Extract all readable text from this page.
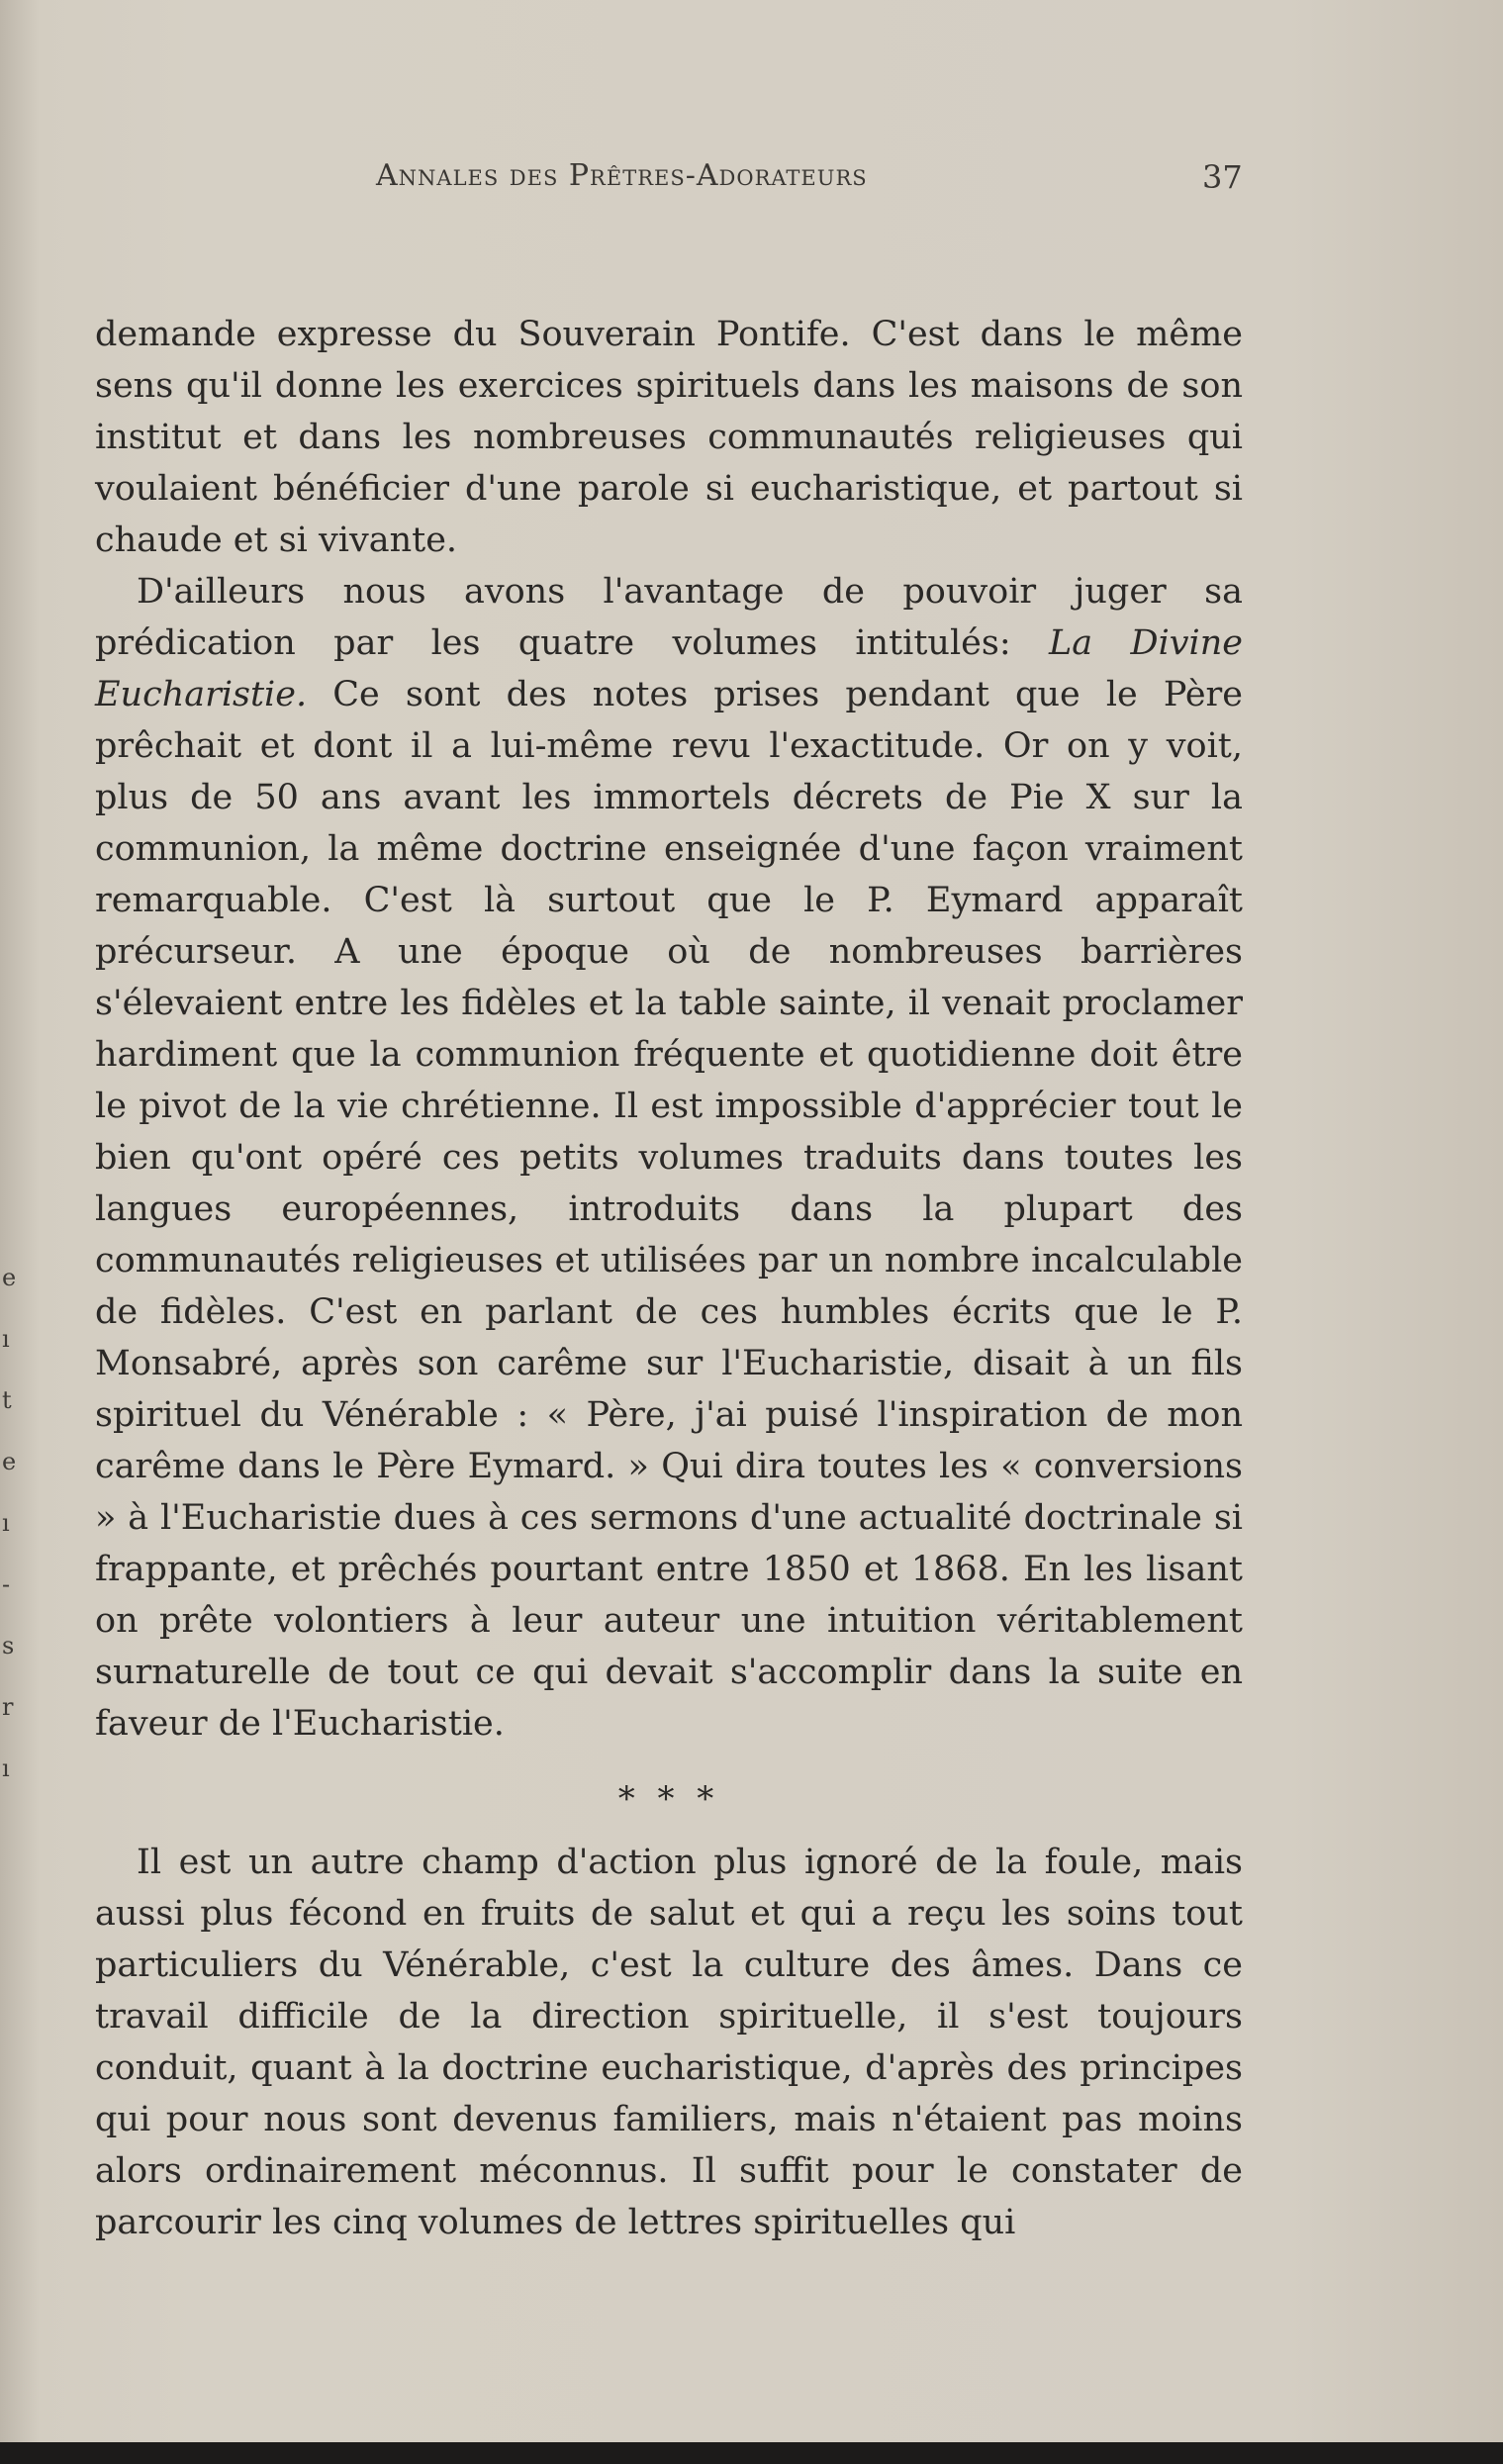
Annales des Prêtres-Adorateurs	37

demande expresse du Souverain Pontife. C'est dans le même sens qu'il donne les exercices spirituels dans les maisons de son institut et dans les nombreuses communautés religieuses qui voulaient bénéficier d'une parole si eucharistique, et partout si chaude et si vivante.

D'ailleurs nous avons l'avantage de pouvoir juger sa prédication par les quatre volumes intitulés: La Divine Eucharistie. Ce sont des notes prises pendant que le Père prêchait et dont il a lui-même revu l'exactitude. Or on y voit, plus de 50 ans avant les immortels décrets de Pie X sur la communion, la même doctrine enseignée d'une façon vraiment remarquable. C'est là surtout que le P. Eymard apparaît précurseur. A une époque où de nombreuses barrières s'élevaient entre les fidèles et la table sainte, il venait proclamer hardiment que la communion fréquente et quotidienne doit être le pivot de la vie chrétienne. Il est impossible d'apprécier tout le bien qu'ont opéré ces petits volumes traduits dans toutes les langues européennes, introduits dans la plupart des communautés religieuses et utilisées par un nombre incalculable de fidèles. C'est en parlant de ces humbles écrits que le P. Monsabré, après son carême sur l'Eucharistie, disait à un fils spirituel du Vénérable : « Père, j'ai puisé l'inspiration de mon carême dans le Père Eymard. » Qui dira toutes les « conversions » à l'Eucharistie dues à ces sermons d'une actualité doctrinale si frappante, et prêchés pourtant entre 1850 et 1868. En les lisant on prête volontiers à leur auteur une intuition véritablement surnaturelle de tout ce qui devait s'accomplir dans la suite en faveur de l'Eucharistie.

* * *

Il est un autre champ d'action plus ignoré de la foule, mais aussi plus fécond en fruits de salut et qui a reçu les soins tout particuliers du Vénérable, c'est la culture des âmes. Dans ce travail difficile de la direction spirituelle, il s'est toujours conduit, quant à la doctrine eucharistique, d'après des principes qui pour nous sont devenus familiers, mais n'étaient pas moins alors ordinairement méconnus. Il suffit pour le constater de parcourir les cinq volumes de lettres spirituelles qui

e
ı
t
e
ı
-
s
r
ı
